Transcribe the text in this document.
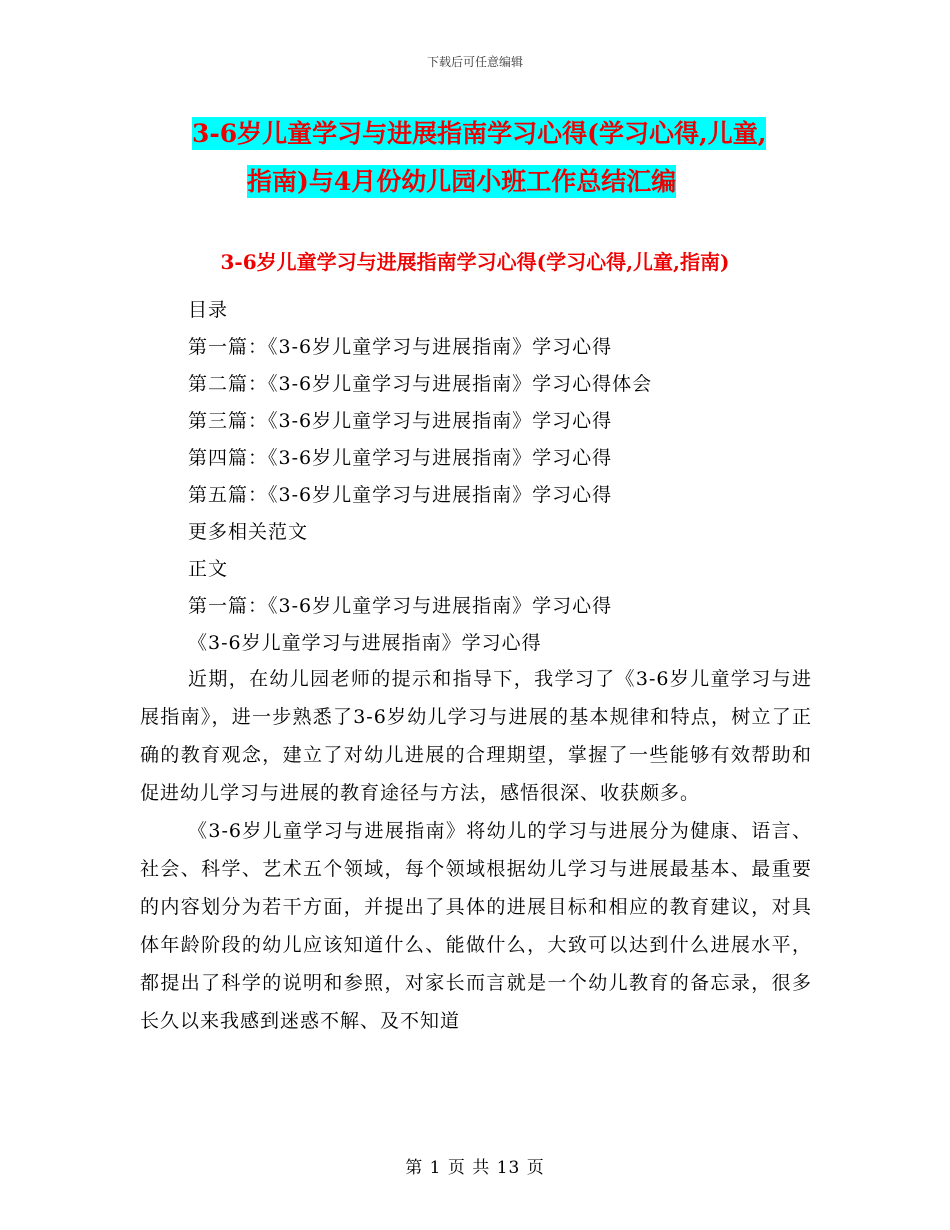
下载后可任意编辑
3-6岁儿童学习与进展指南学习心得(学习心得,儿童,
指南)与4月份幼儿园小班工作总结汇编
3-6岁儿童学习与进展指南学习心得(学习心得,儿童,指南)
目录
第一篇：《3-6岁儿童学习与进展指南》学习心得
第二篇：《3-6岁儿童学习与进展指南》学习心得体会
第三篇：《3-6岁儿童学习与进展指南》学习心得
第四篇：《3-6岁儿童学习与进展指南》学习心得
第五篇：《3-6岁儿童学习与进展指南》学习心得
更多相关范文
正文
第一篇：《3-6岁儿童学习与进展指南》学习心得
《3-6岁儿童学习与进展指南》学习心得

近期，在幼儿园老师的提示和指导下，我学习了《3-6岁儿童学习与进展指南》，进一步熟悉了3-6岁幼儿学习与进展的基本规律和特点，树立了正确的教育观念，建立了对幼儿进展的合理期望，掌握了一些能够有效帮助和促进幼儿学习与进展的教育途径与方法，感悟很深、收获颇多。

《3-6岁儿童学习与进展指南》将幼儿的学习与进展分为健康、语言、社会、科学、艺术五个领域，每个领域根据幼儿学习与进展最基本、最重要的内容划分为若干方面，并提出了具体的进展目标和相应的教育建议，对具体年龄阶段的幼儿应该知道什么、能做什么，大致可以达到什么进展水平，都提出了科学的说明和参照，对家长而言就是一个幼儿教育的备忘录，很多长久以来我感到迷惑不解、及不知道

第 1 页 共 13 页
